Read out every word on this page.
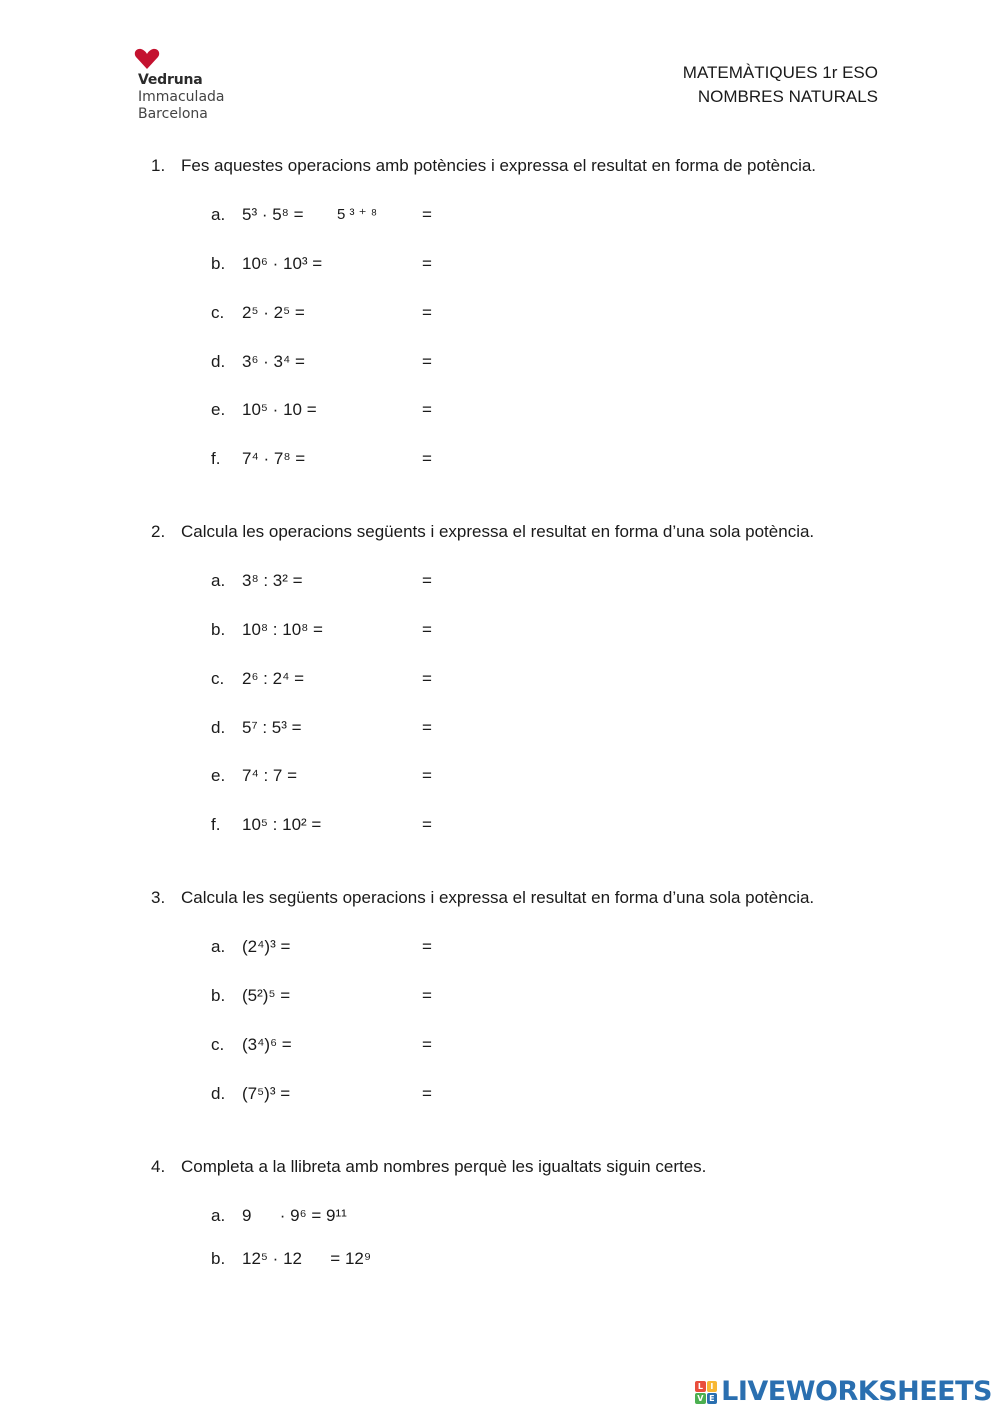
Vedruna
Immaculada
Barcelona
MATEMÀTIQUES 1r ESO
NOMBRES NATURALS
1. Fes aquestes operacions amb potències i expressa el resultat en forma de potència.
a. 5³ · 5⁸ = 5 ³ ⁺ ⁸	=
b. 10⁶ · 10³ =	=
c. 2⁵ · 2⁵ =	=
d. 3⁶ · 3⁴ =	=
e. 10⁵ · 10 =	=
f. 7⁴ · 7⁸ =	=
2. Calcula les operacions següents i expressa el resultat en forma d’una sola potència.
a. 3⁸ : 3² =	=
b. 10⁸ : 10⁸ =	=
c. 2⁶ : 2⁴ =	=
d. 5⁷ : 5³ =	=
e. 7⁴ : 7 =	=
f. 10⁵ : 10² =	=
3. Calcula les següents operacions i expressa el resultat en forma d’una sola potència.
a. (2⁴)³ =	=
b. (5²)⁵ =	=
c. (3⁴)⁶ =	=
d. (7⁵)³ =	=
4. Completa a la llibreta amb nombres perquè les igualtats siguin certes.
a. 9      · 9⁶ = 9¹¹
b. 12⁵ · 12      = 12⁹
L I
V E LIVEWORKSHEETS
